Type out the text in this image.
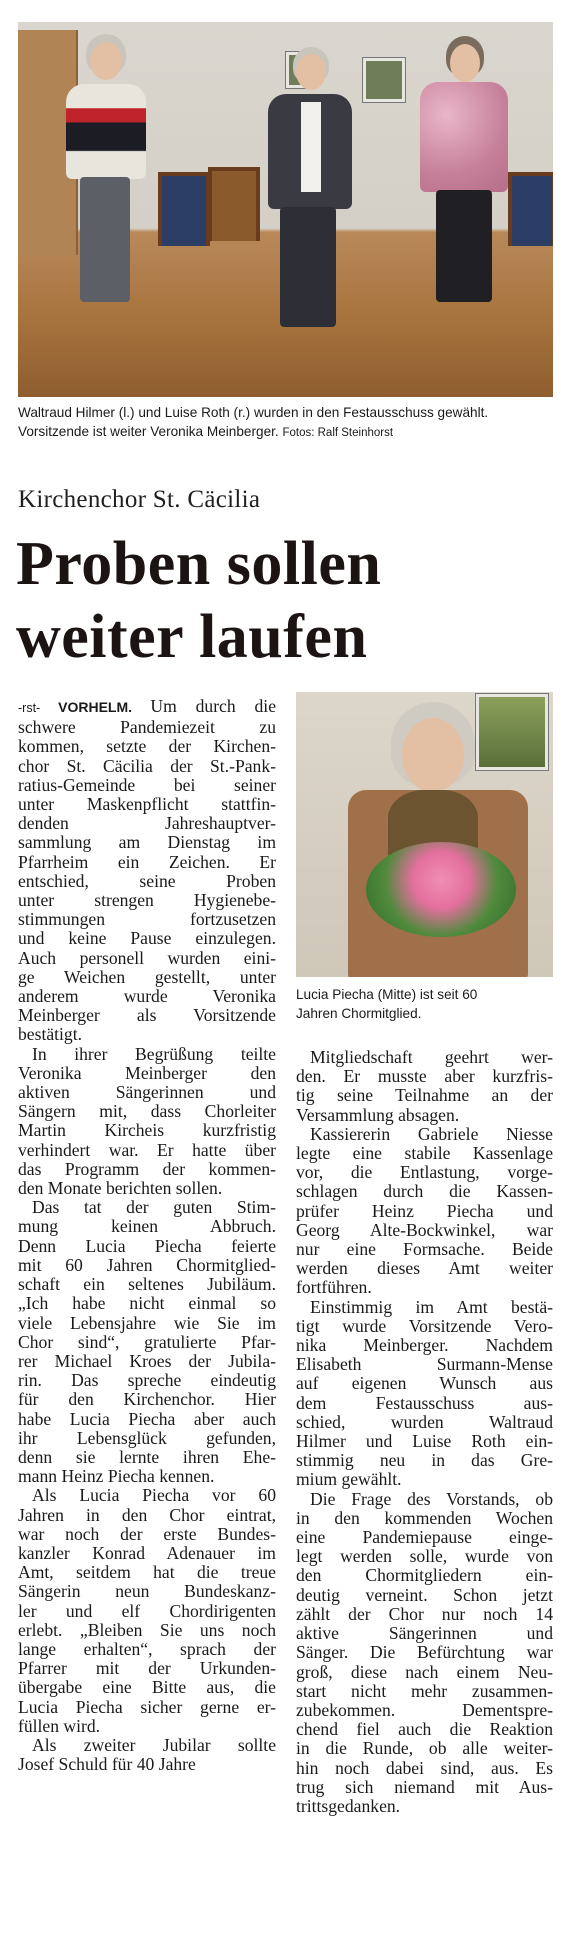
Waltraud Hilmer (l.) und Luise Roth (r.) wurden in den Festausschuss gewählt. Vorsitzende ist weiter Veronika Meinberger. Fotos: Ralf Steinhorst
Kirchenchor St. Cäcilia
Proben sollen
weiter laufen
Lucia Piecha (Mitte) ist seit 60
Jahren Chormitglied.
-rst- VORHELM. Um durch die
schwere Pandemiezeit zu
kommen, setzte der Kirchen-
chor St. Cäcilia der St.-Pank-
ratius-Gemeinde bei seiner
unter Maskenpflicht stattfin-
denden Jahreshauptver-
sammlung am Dienstag im
Pfarrheim ein Zeichen. Er
entschied, seine Proben
unter strengen Hygienebe-
stimmungen fortzusetzen
und keine Pause einzulegen.
Auch personell wurden eini-
ge Weichen gestellt, unter
anderem wurde Veronika
Meinberger als Vorsitzende
bestätigt.
In ihrer Begrüßung teilte
Veronika Meinberger den
aktiven Sängerinnen und
Sängern mit, dass Chorleiter
Martin Kircheis kurzfristig
verhindert war. Er hatte über
das Programm der kommen-
den Monate berichten sollen.
Das tat der guten Stim-
mung keinen Abbruch.
Denn Lucia Piecha feierte
mit 60 Jahren Chormitglied-
schaft ein seltenes Jubiläum.
„Ich habe nicht einmal so
viele Lebensjahre wie Sie im
Chor sind“, gratulierte Pfar-
rer Michael Kroes der Jubila-
rin. Das spreche eindeutig
für den Kirchenchor. Hier
habe Lucia Piecha aber auch
ihr Lebensglück gefunden,
denn sie lernte ihren Ehe-
mann Heinz Piecha kennen.
Als Lucia Piecha vor 60
Jahren in den Chor eintrat,
war noch der erste Bundes-
kanzler Konrad Adenauer im
Amt, seitdem hat die treue
Sängerin neun Bundeskanz-
ler und elf Chordirigenten
erlebt. „Bleiben Sie uns noch
lange erhalten“, sprach der
Pfarrer mit der Urkunden-
übergabe eine Bitte aus, die
Lucia Piecha sicher gerne er-
füllen wird.
Als zweiter Jubilar sollte
Josef Schuld für 40 Jahre
Mitgliedschaft geehrt wer-
den. Er musste aber kurzfris-
tig seine Teilnahme an der
Versammlung absagen.
Kassiererin Gabriele Niesse
legte eine stabile Kassenlage
vor, die Entlastung, vorge-
schlagen durch die Kassen-
prüfer Heinz Piecha und
Georg Alte-Bockwinkel, war
nur eine Formsache. Beide
werden dieses Amt weiter
fortführen.
Einstimmig im Amt bestä-
tigt wurde Vorsitzende Vero-
nika Meinberger. Nachdem
Elisabeth Surmann-Mense
auf eigenen Wunsch aus
dem Festausschuss aus-
schied, wurden Waltraud
Hilmer und Luise Roth ein-
stimmig neu in das Gre-
mium gewählt.
Die Frage des Vorstands, ob
in den kommenden Wochen
eine Pandemiepause einge-
legt werden solle, wurde von
den Chormitgliedern ein-
deutig verneint. Schon jetzt
zählt der Chor nur noch 14
aktive Sängerinnen und
Sänger. Die Befürchtung war
groß, diese nach einem Neu-
start nicht mehr zusammen-
zubekommen. Dementspre-
chend fiel auch die Reaktion
in die Runde, ob alle weiter-
hin noch dabei sind, aus. Es
trug sich niemand mit Aus-
trittsgedanken.
